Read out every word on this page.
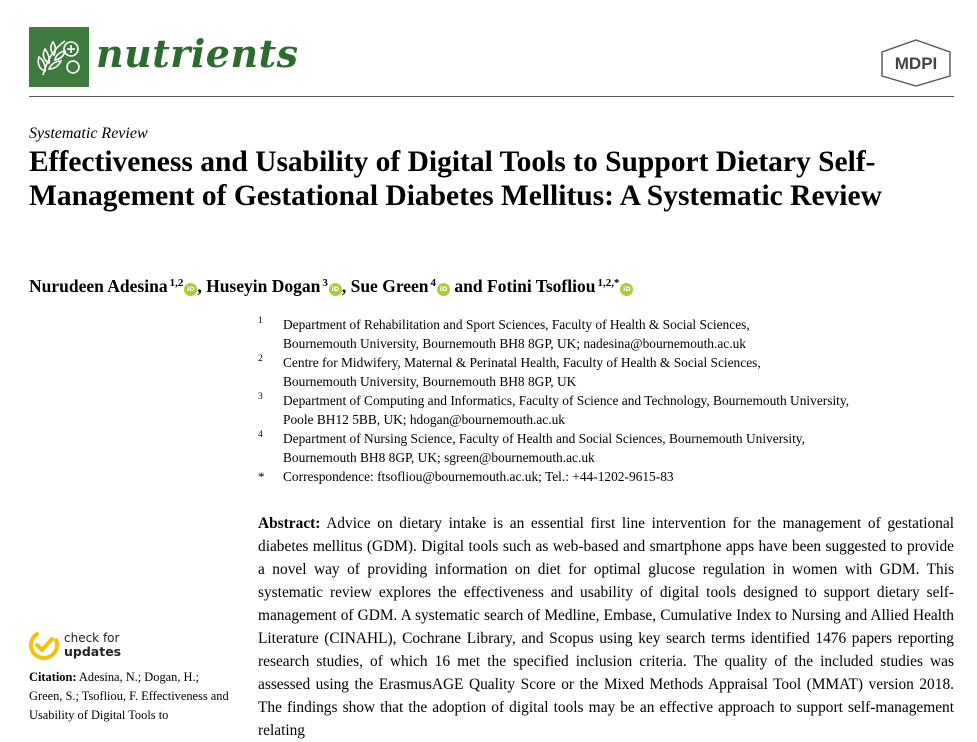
nutrients	MDPI
Systematic Review
Effectiveness and Usability of Digital Tools to Support Dietary Self-Management of Gestational Diabetes Mellitus: A Systematic Review
Nurudeen Adesina $^{1,2}$ iD , Huseyin Dogan $^3$ iD , Sue Green $^4$ iD and Fotini Tsofliou $^{1,2,*}$ iD
1 Department of Rehabilitation and Sport Sciences, Faculty of Health & Social Sciences,
Bournemouth University, Bournemouth BH8 8GP, UK; nadesina@bournemouth.ac.uk
2 Centre for Midwifery, Maternal & Perinatal Health, Faculty of Health & Social Sciences,
Bournemouth University, Bournemouth BH8 8GP, UK
3 Department of Computing and Informatics, Faculty of Science and Technology, Bournemouth University,
Poole BH12 5BB, UK; hdogan@bournemouth.ac.uk
4 Department of Nursing Science, Faculty of Health and Social Sciences, Bournemouth University,
Bournemouth BH8 8GP, UK; sgreen@bournemouth.ac.uk
* Correspondence: ftsofliou@bournemouth.ac.uk; Tel.: +44-1202-9615-83
Abstract: Advice on dietary intake is an essential first line intervention for the management of gestational diabetes mellitus (GDM). Digital tools such as web-based and smartphone apps have been suggested to provide a novel way of providing information on diet for optimal glucose regulation in women with GDM. This systematic review explores the effectiveness and usability of digital tools designed to support dietary self-management of GDM. A systematic search of Medline, Embase, Cumulative Index to Nursing and Allied Health Literature (CINAHL), Cochrane Library, and Scopus using key search terms identified 1476 papers reporting research studies, of which 16 met the specified inclusion criteria. The quality of the included studies was assessed using the ErasmusAGE Quality Score or the Mixed Methods Appraisal Tool (MMAT) version 2018. The findings show that the adoption of digital tools may be an effective approach to support self-management relating
check for
updates
Citation: Adesina, N.; Dogan, H.; Green, S.; Tsofliou, F. Effectiveness and Usability of Digital Tools to
